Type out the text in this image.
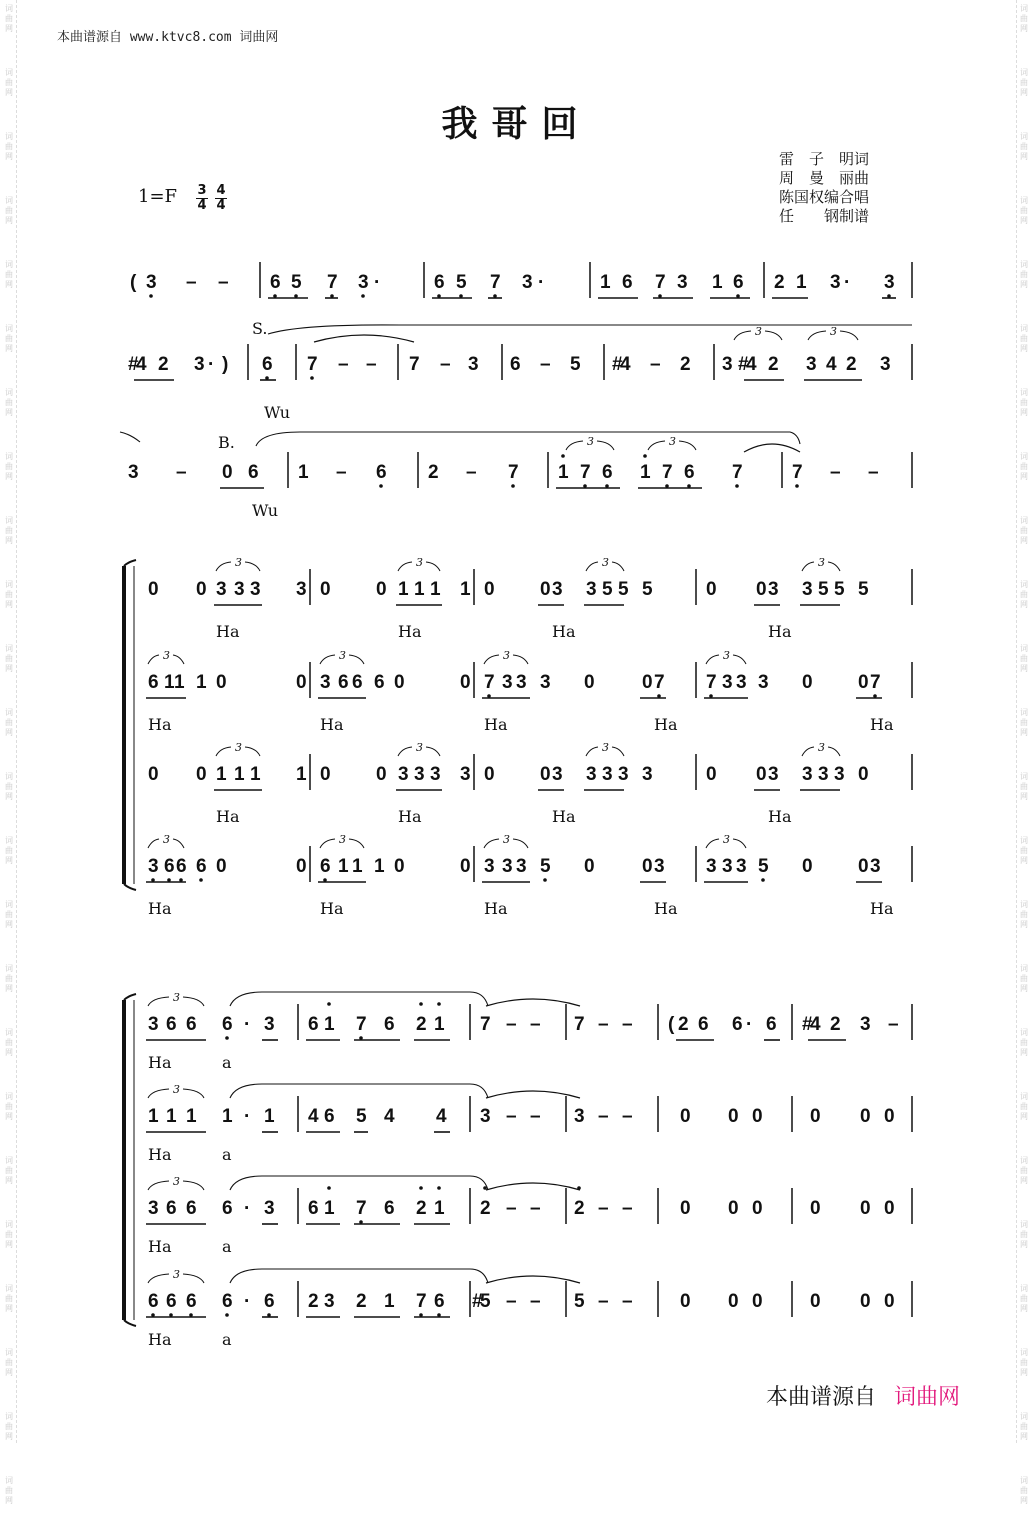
词
曲
网
词
曲
网
词
曲
网
词
曲
网
词
曲
网
词
曲
网
词
曲
网
词
曲
网
词
曲
网
词
曲
网
词
曲
网
词
曲
网
词
曲
网
词
曲
网
词
曲
网
词
曲
网
词
曲
网
词
曲
网
词
曲
网
词
曲
网
词
曲
网
词
曲
网
词
曲
网
词
曲
网
词
曲
网
词
曲
网
词
曲
网
词
曲
网
词
曲
网
词
曲
网
词
曲
网
词
曲
网
词
曲
网
词
曲
网
词
曲
网
词
曲
网
词
曲
网
词
曲
网
词
曲
网
词
曲
网
词
曲
网
词
曲
网
词
曲
网
词
曲
网
词
曲
网
词
曲
网
词
曲
网
词
曲
网
本曲谱源自 www.ktvc8.com 词曲网
我哥回
雷　子　明词
周　曼　丽曲
陈国权编合唱
任　　钢制谱
1=F 3
4
4
4
( 3 – – 6 5 7 3 ·	6 5 7 3 ·	1 6 7 3 1 6 2 1 3 · 3
S.
#
4 2 3 · ) 6 7 – – 7 – 3 6 – 5 #
4 – 2 3 #
4 2 3 4 2 3
3	3
Wu
B.
3 – 0 6 1 – 6 2 – 7 1 7 6 1 7 6 7	7 – –
3	3
Wu
0 0 3 3 3 3 0 0 1 1 1 1 0 0 3 3 5 5 5	0 0 3 3 5 5 5
3	3	3	3
Ha	Ha	Ha	Ha
6 1 1 1 0	0 3 6 6 6 0	0 7 3 3 3 0 0 7 7 3 3 3 0 0 7
3	3	3	3
Ha	Ha	Ha	Ha	Ha
0 0 1 1 1 1 0 0 3 3 3 3 0 0 3 3 3 3 3	0 0 3 3 3 3 0
3	3	3	3
Ha	Ha	Ha	Ha
3 6 6 6 0	0 6 1 1 1 0	0 3 3 3 5 0 0 3 3 3 3 5 0 0 3
3	3	3	3
Ha	Ha	Ha	Ha	Ha
3 6 6 6 · 3 6 1 7 6 2 1 7 – – 7 – – ( 2 6 6 · 6 #
4 2 3 –
3
Ha	a
1 1 1 1 · 1 4 6 5 4 4 3 – – 3 – – 0 0 0 0 0 0
3
Ha	a
3 6 6 6 · 3 6 1 7 6 2 1 2 – – 2 – – 0 0 0 0 0 0
3
Ha	a
6 6 6 6 · 6 2 3 2 1 7 6 #
5 – – 5 – – 0 0 0 0 0 0
3
Ha	a
本曲谱源自 词曲网
